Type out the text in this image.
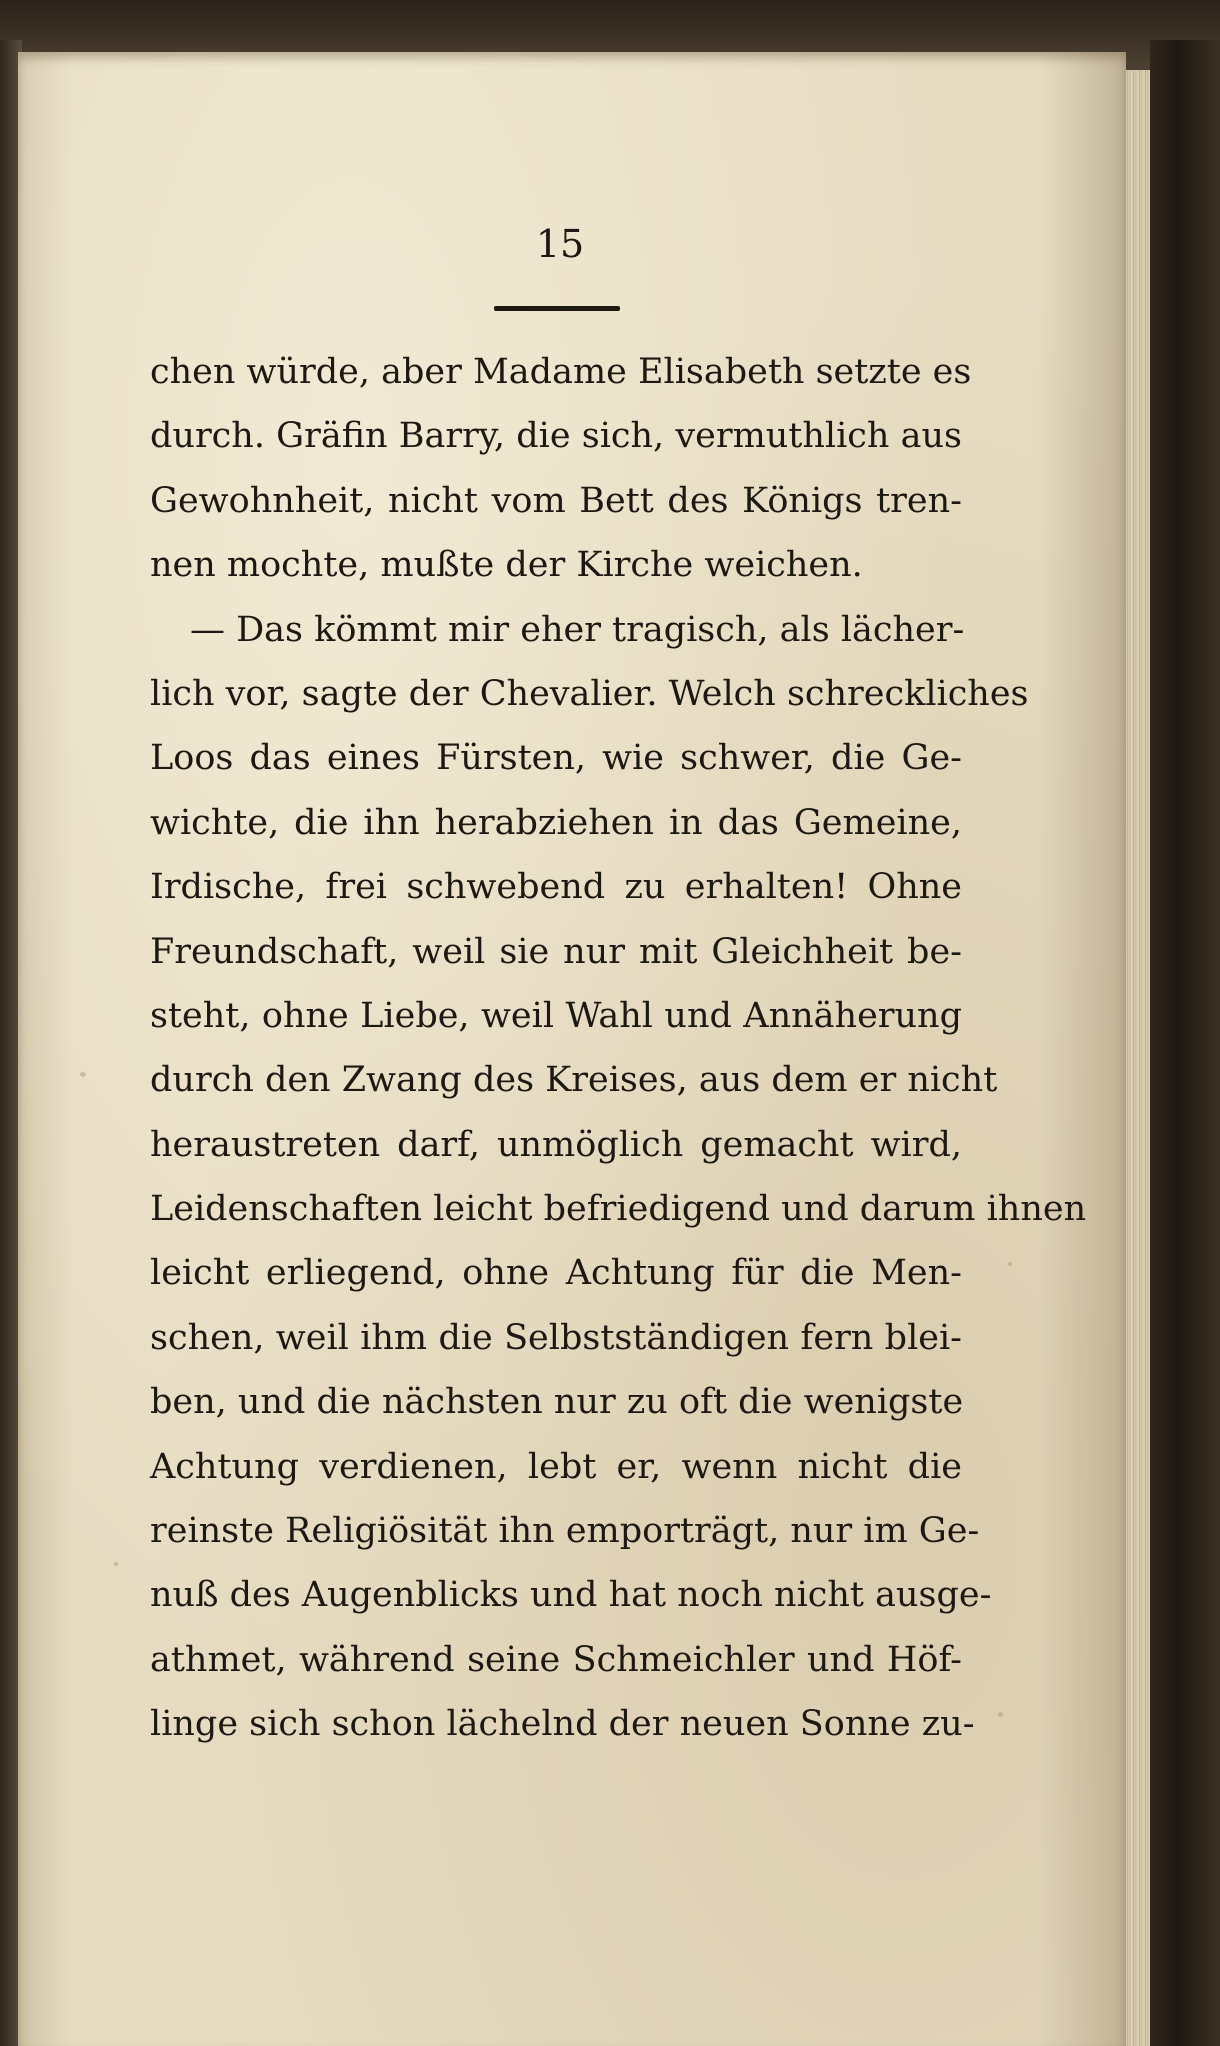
15
chen würde, aber Madame Elisabeth setzte es
durch. Gräfin Barry, die sich, vermuthlich aus
Gewohnheit, nicht vom Bett des Königs tren-
nen mochte, mußte der Kirche weichen.
— Das kömmt mir eher tragisch, als lächer-
lich vor, sagte der Chevalier. Welch schreckliches
Loos das eines Fürsten, wie schwer, die Ge-
wichte, die ihn herabziehen in das Gemeine,
Irdische, frei schwebend zu erhalten! Ohne
Freundschaft, weil sie nur mit Gleichheit be-
steht, ohne Liebe, weil Wahl und Annäherung
durch den Zwang des Kreises, aus dem er nicht
heraustreten darf, unmöglich gemacht wird,
Leidenschaften leicht befriedigend und darum ihnen
leicht erliegend, ohne Achtung für die Men-
schen, weil ihm die Selbstständigen fern blei-
ben, und die nächsten nur zu oft die wenigste
Achtung verdienen, lebt er, wenn nicht die
reinste Religiösität ihn emporträgt, nur im Ge-
nuß des Augenblicks und hat noch nicht ausge-
athmet, während seine Schmeichler und Höf-
linge sich schon lächelnd der neuen Sonne zu-
